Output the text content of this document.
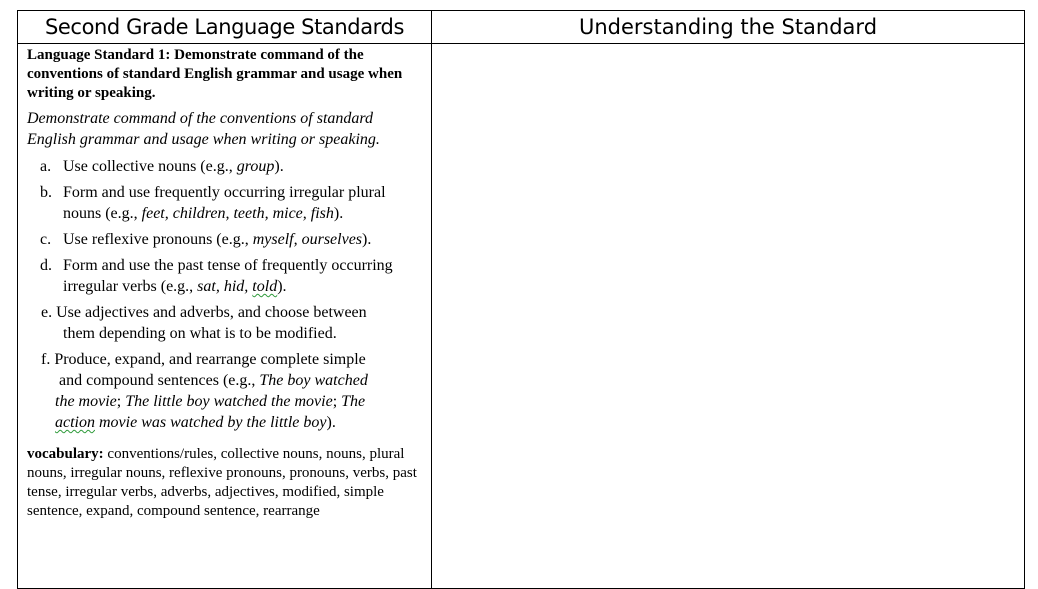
Second Grade Language Standards	Understanding the Standard

Language Standard 1: Demonstrate command of the conventions of standard English grammar and usage when writing or speaking.

Demonstrate command of the conventions of standard English grammar and usage when writing or speaking.

a. Use collective nouns (e.g., group).
b. Form and use frequently occurring irregular plural nouns (e.g., feet, children, teeth, mice, fish).
c. Use reflexive pronouns (e.g., myself, ourselves).
d. Form and use the past tense of frequently occurring irregular verbs (e.g., sat, hid, told).
e. Use adjectives and adverbs, and choose between
them depending on what is to be modified.
f. Produce, expand, and rearrange complete simple
and compound sentences (e.g., The boy watched
the movie; The little boy watched the movie; The
action movie was watched by the little boy).

vocabulary: conventions/rules, collective nouns, nouns, plural nouns, irregular nouns, reflexive pronouns, pronouns, verbs, past tense, irregular verbs, adverbs, adjectives, modified, simple sentence, expand, compound sentence, rearrange
